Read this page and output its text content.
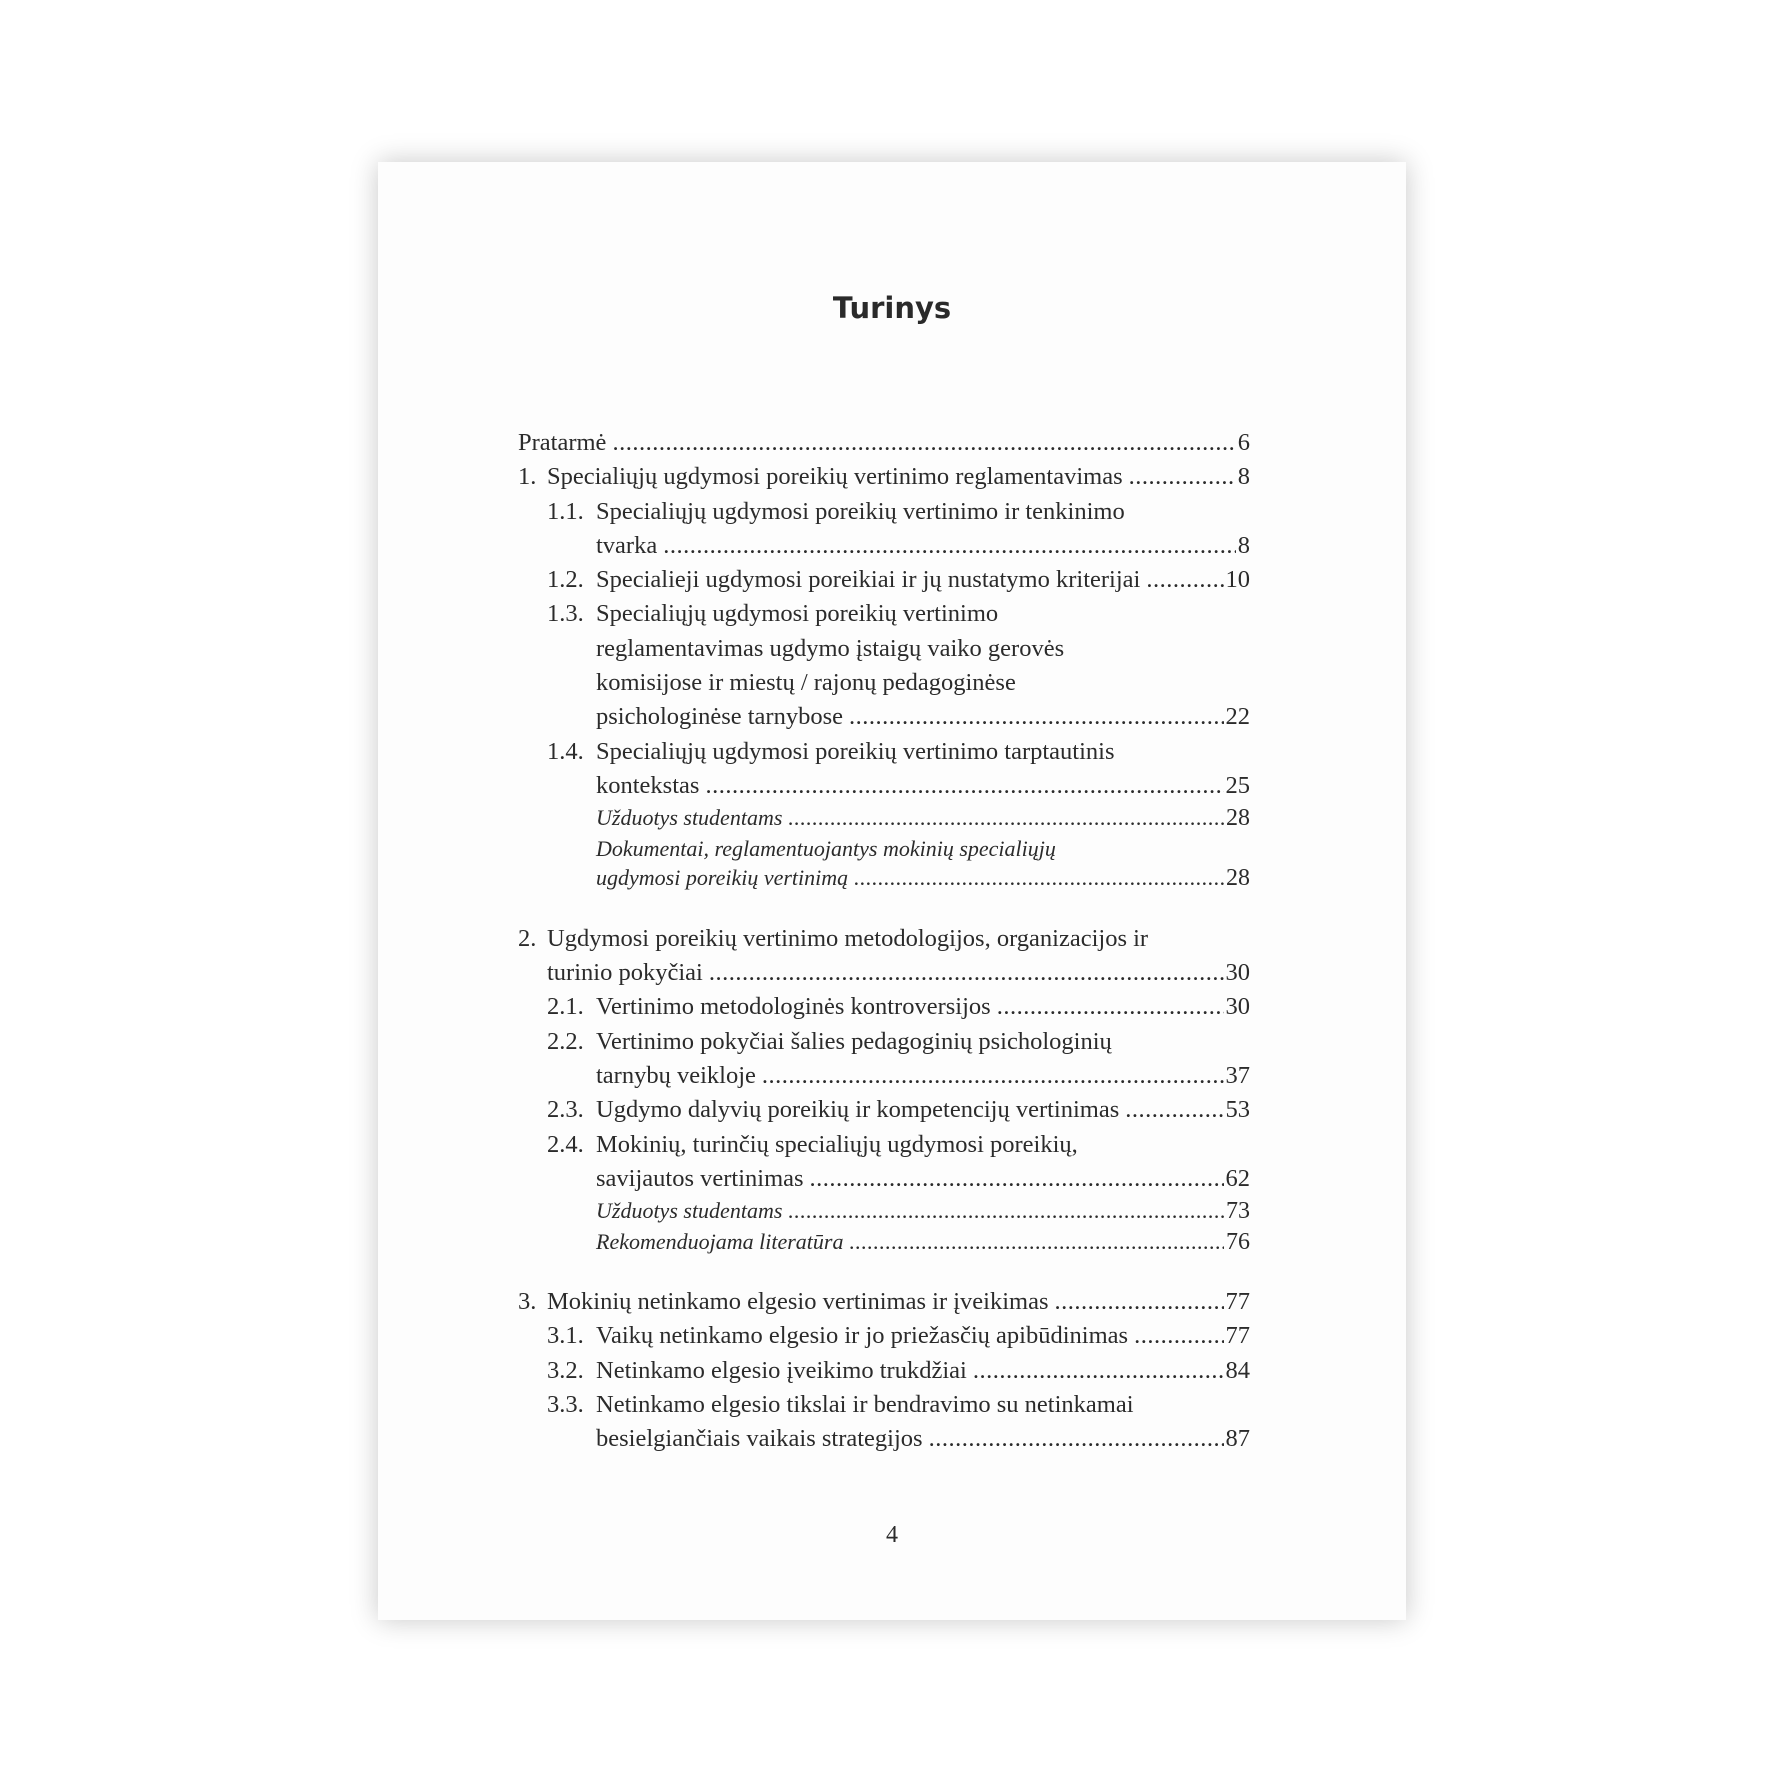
Turinys
Pratarmė .....	6
1. Specialiųjų ugdymosi poreikių vertinimo reglamentavimas .....	8
1.1. Specialiųjų ugdymosi poreikių vertinimo ir tenkinimo
tvarka .....	8
1.2. Specialieji ugdymosi poreikiai ir jų nustatymo kriterijai .....	10
1.3. Specialiųjų ugdymosi poreikių vertinimo
reglamentavimas ugdymo įstaigų vaiko gerovės
komisijose ir miestų / rajonų pedagoginėse
psichologinėse tarnybose .....	22
1.4. Specialiųjų ugdymosi poreikių vertinimo tarptautinis
kontekstas .....	25
Užduotys studentams .....	28
Dokumentai, reglamentuojantys mokinių specialiųjų
ugdymosi poreikių vertinimą .....	28
2. Ugdymosi poreikių vertinimo metodologijos, organizacijos ir
turinio pokyčiai .....	30
2.1. Vertinimo metodologinės kontroversijos .....	30
2.2. Vertinimo pokyčiai šalies pedagoginių psichologinių
tarnybų veikloje .....	37
2.3. Ugdymo dalyvių poreikių ir kompetencijų vertinimas .....	53
2.4. Mokinių, turinčių specialiųjų ugdymosi poreikių,
savijautos vertinimas .....	62
Užduotys studentams .....	73
Rekomenduojama literatūra .....	76
3. Mokinių netinkamo elgesio vertinimas ir įveikimas .....	77
3.1. Vaikų netinkamo elgesio ir jo priežasčių apibūdinimas .....	77
3.2. Netinkamo elgesio įveikimo trukdžiai .....	84
3.3. Netinkamo elgesio tikslai ir bendravimo su netinkamai
besielgiančiais vaikais strategijos .....	87
4
